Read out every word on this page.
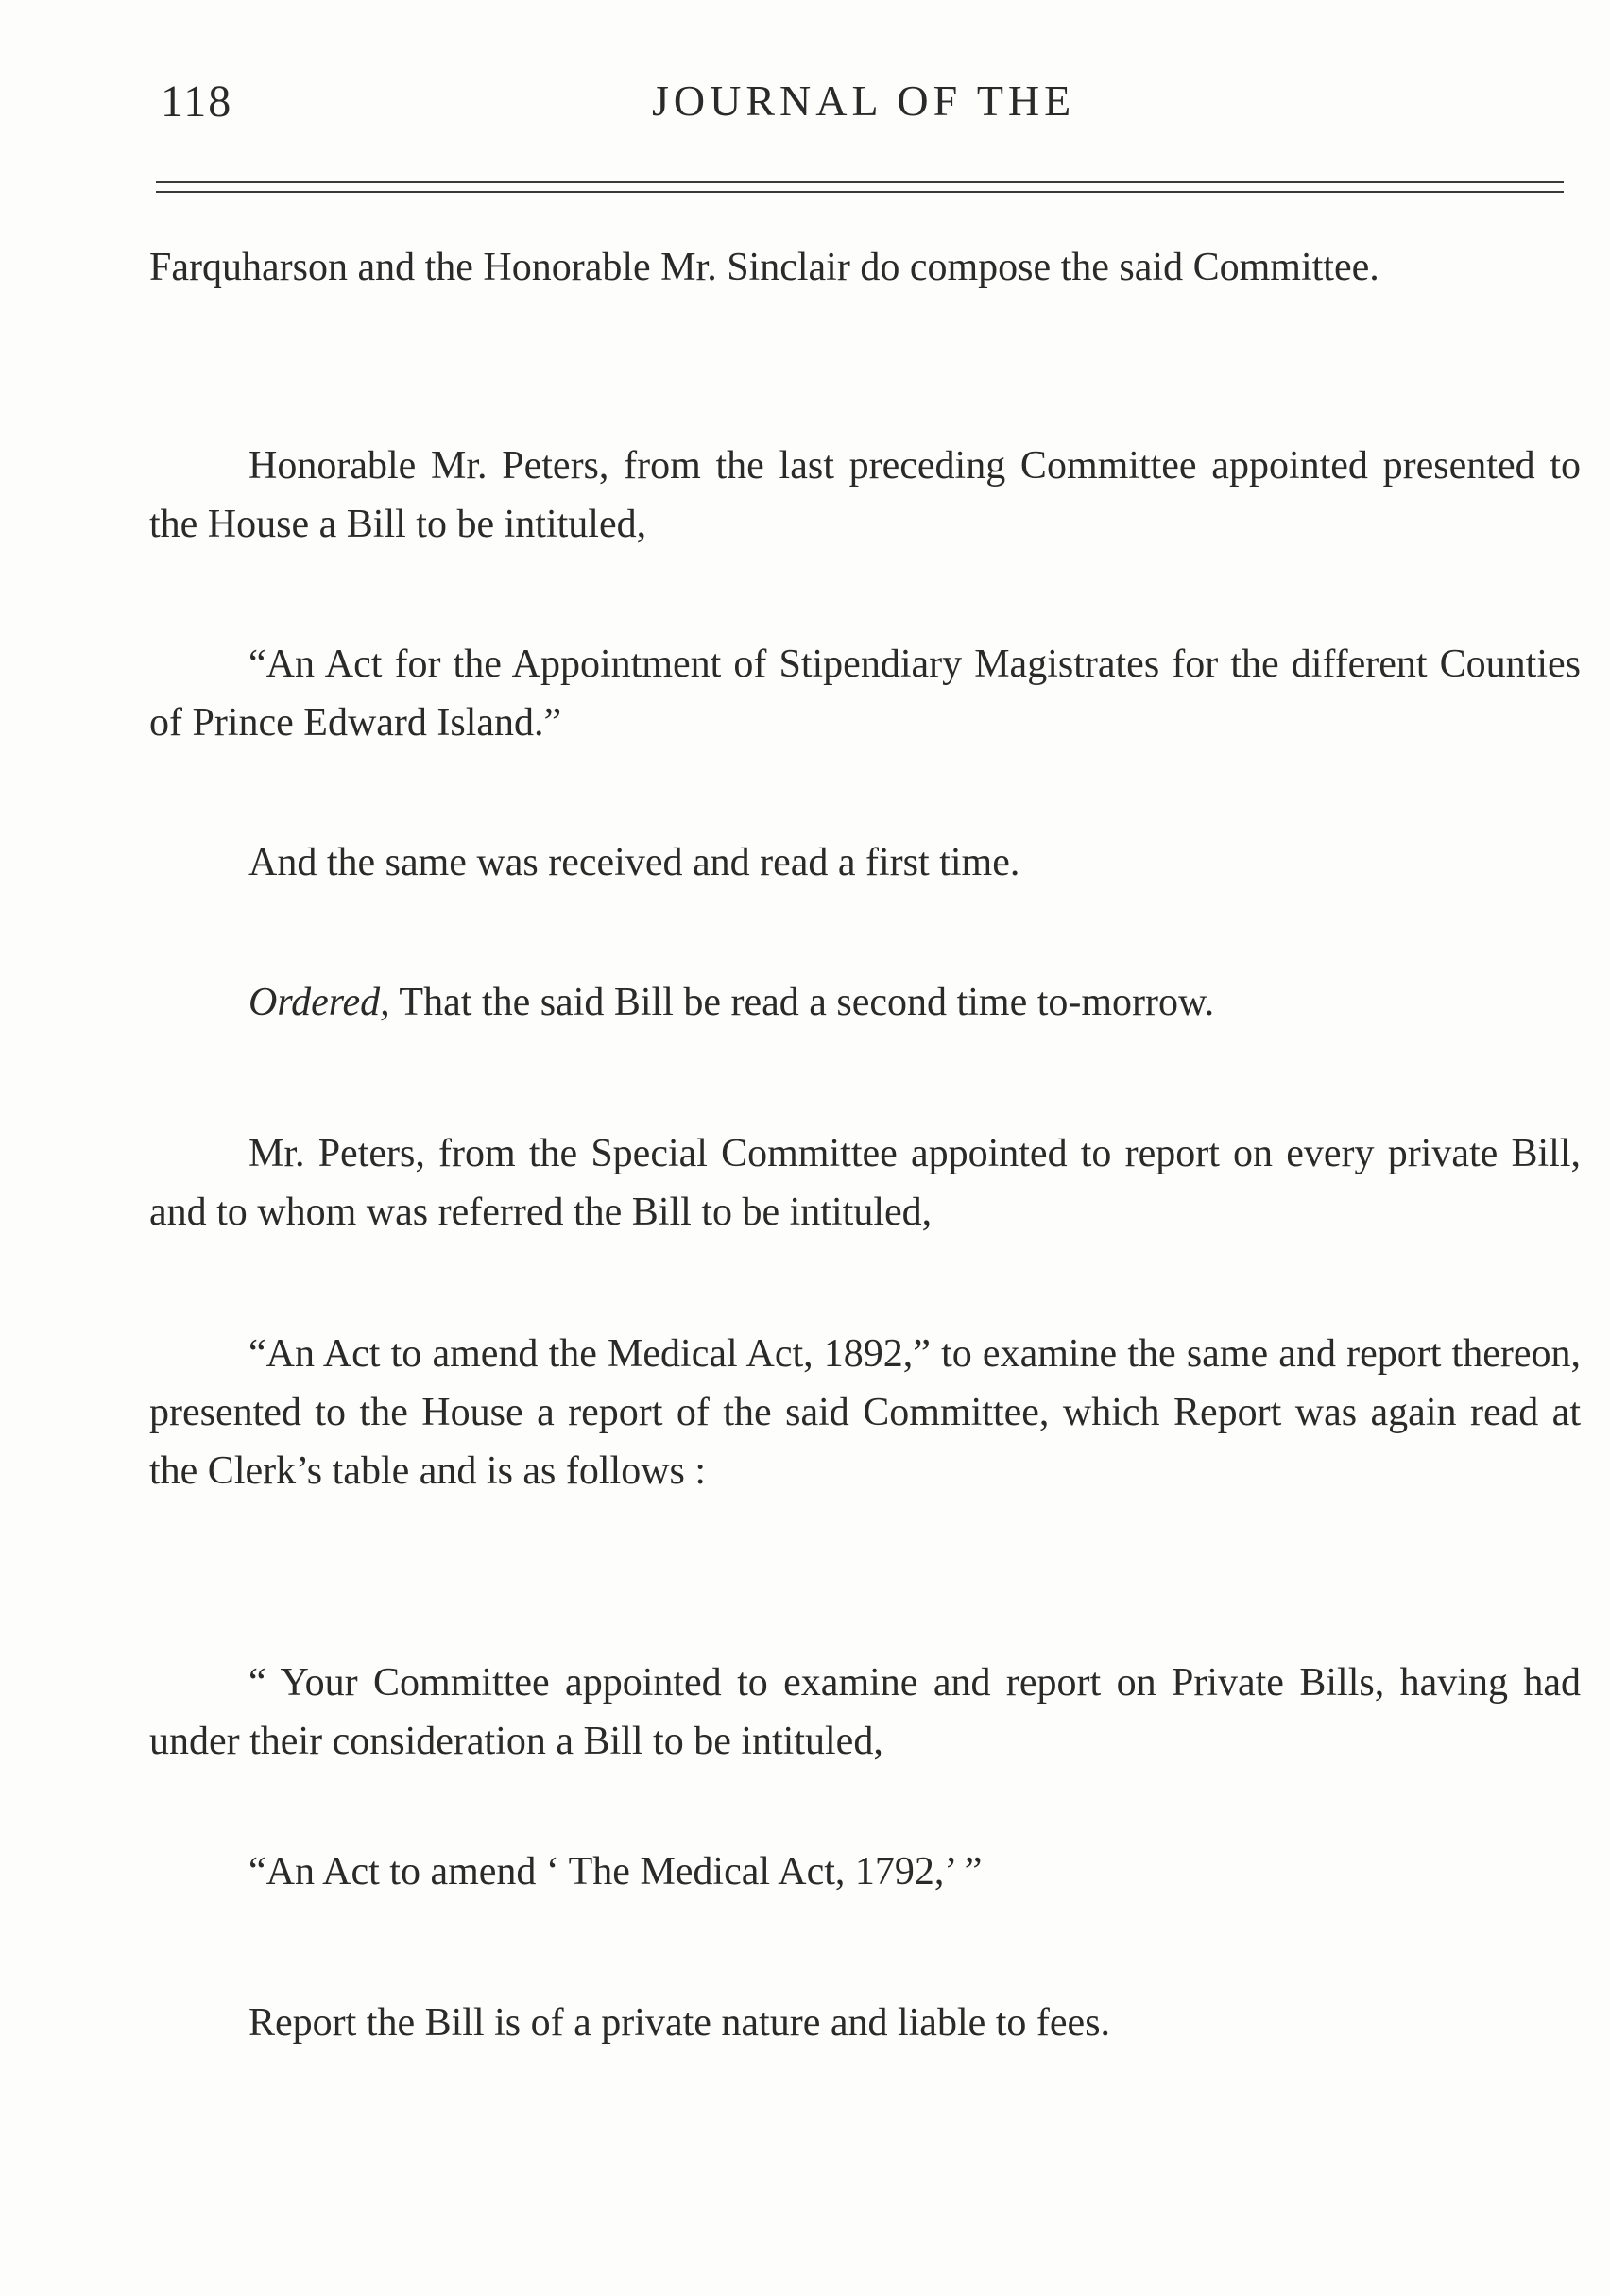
118	JOURNAL OF THE

Farquharson and the Honorable Mr. Sinclair do compose the said Committee.

Honorable Mr. Peters, from the last preceding Committee appointed presented to the House a Bill to be intituled,

“An Act for the Appointment of Stipendiary Magistrates for the different Counties of Prince Edward Island.”

And the same was received and read a first time.

Ordered, That the said Bill be read a second time to-morrow.

Mr. Peters, from the Special Committee appointed to report on every private Bill, and to whom was referred the Bill to be intituled,

“An Act to amend the Medical Act, 1892,” to examine the same and report thereon, presented to the House a report of the said Committee, which Report was again read at the Clerk’s table and is as follows :

“ Your Committee appointed to examine and report on Private Bills, having had under their consideration a Bill to be intituled,

“An Act to amend ‘ The Medical Act, 1792,’ ”

Report the Bill is of a private nature and liable to fees.
